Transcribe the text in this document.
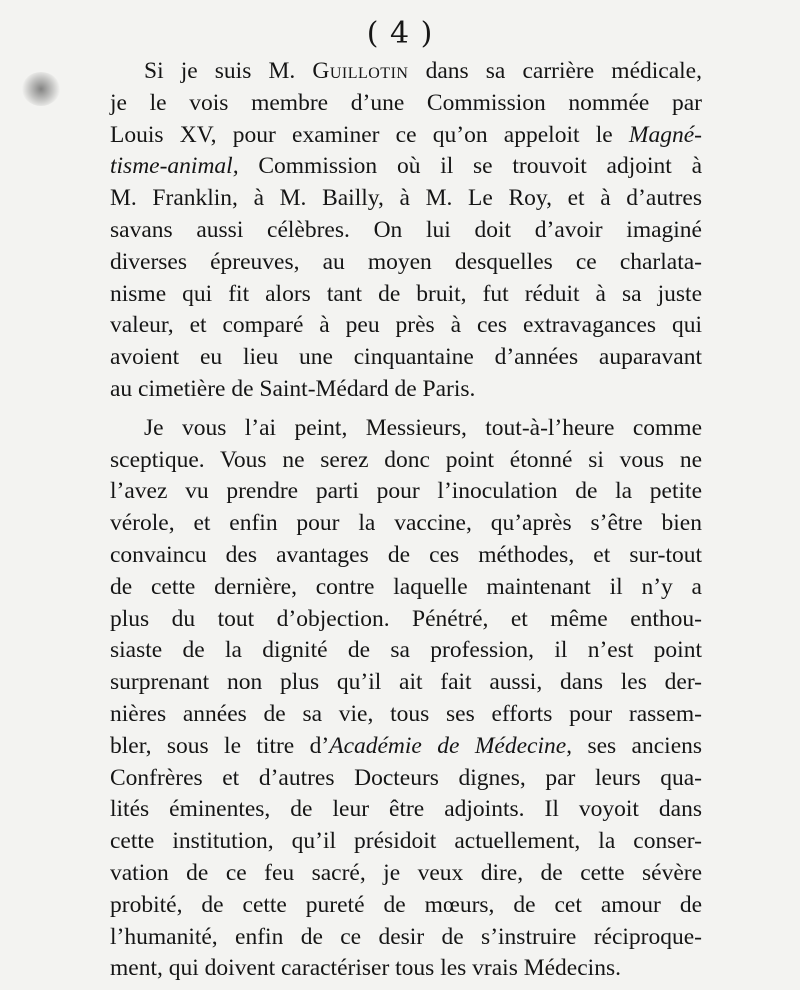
( 4 )
Si je suis M. Guillotin dans sa carrière médicale,
je le vois membre d’une Commission nommée par
Louis XV, pour examiner ce qu’on appeloit le Magné-
tisme-animal, Commission où il se trouvoit adjoint à
M. Franklin, à M. Bailly, à M. Le Roy, et à d’autres
savans aussi célèbres. On lui doit d’avoir imaginé
diverses épreuves, au moyen desquelles ce charlata-
nisme qui fit alors tant de bruit, fut réduit à sa juste
valeur, et comparé à peu près à ces extravagances qui
avoient eu lieu une cinquantaine d’années auparavant
au cimetière de Saint-Médard de Paris.
Je vous l’ai peint, Messieurs, tout-à-l’heure comme
sceptique. Vous ne serez donc point étonné si vous ne
l’avez vu prendre parti pour l’inoculation de la petite
vérole, et enfin pour la vaccine, qu’après s’être bien
convaincu des avantages de ces méthodes, et sur-tout
de cette dernière, contre laquelle maintenant il n’y a
plus du tout d’objection. Pénétré, et même enthou-
siaste de la dignité de sa profession, il n’est point
surprenant non plus qu’il ait fait aussi, dans les der-
nières années de sa vie, tous ses efforts pour rassem-
bler, sous le titre d’Académie de Médecine, ses anciens
Confrères et d’autres Docteurs dignes, par leurs qua-
lités éminentes, de leur être adjoints. Il voyoit dans
cette institution, qu’il présidoit actuellement, la conser-
vation de ce feu sacré, je veux dire, de cette sévère
probité, de cette pureté de mœurs, de cet amour de
l’humanité, enfin de ce desir de s’instruire réciproque-
ment, qui doivent caractériser tous les vrais Médecins.
